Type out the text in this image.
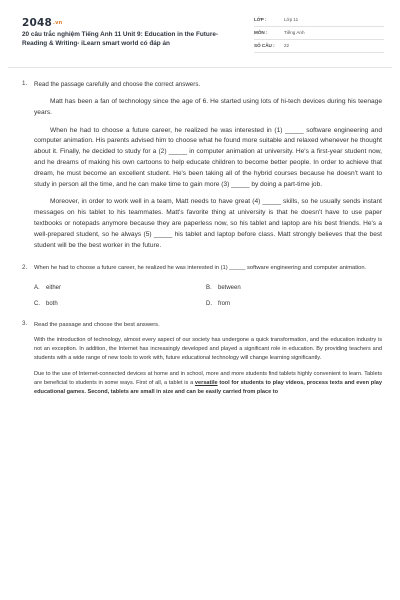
2048.vn
20 câu trắc nghiệm Tiếng Anh 11 Unit 9: Education in the Future- Reading & Writing- iLearn smart world có đáp án
LỚP :	Lớp 11
MÔN :	Tiếng Anh
SỐ CÂU : 22
1. Read the passage carefully and choose the correct answers.

Matt has been a fan of technology since the age of 6. He started using lots of hi-tech devices during his teenage years.

When he had to choose a future career, he realized he was interested in (1) _____ software engineering and computer animation. His parents advised him to choose what he found more suitable and relaxed whenever he thought about it. Finally, he decided to study for a (2) _____ in computer animation at university. He's a first-year student now, and he dreams of making his own cartoons to help educate children to become better people. In order to achieve that dream, he must become an excellent student. He's been taking all of the hybrid courses because he doesn't want to study in person all the time, and he can make time to gain more (3) _____ by doing a part-time job.

Moreover, in order to work well in a team, Matt needs to have great (4) _____ skills, so he usually sends instant messages on his tablet to his teammates. Matt's favorite thing at university is that he doesn't have to use paper textbooks or notepads anymore because they are paperless now, so his tablet and laptop are his best friends. He's a well-prepared student, so he always (5) _____ his tablet and laptop before class. Matt strongly believes that the best student will be the best worker in the future.

2. When he had to choose a future career, he realized he was interested in (1) _____ software engineering and computer animation.
A. either	B. between
C. both	D. from
3. Read the passage and choose the best answers.

With the introduction of technology, almost every aspect of our society has undergone a quick transformation, and the education industry is not an exception. In addition, the Internet has increasingly developed and played a significant role in education. By providing teachers and students with a wide range of new tools to work with, future educational technology will change learning significantly.

Due to the use of Internet-connected devices at home and in school, more and more students find tablets highly convenient to learn. Tablets are beneficial to students in some ways. First of all, a tablet is a versatile tool for students to play videos, process texts and even play educational games. Second, tablets are small in size and can be easily carried from place to
